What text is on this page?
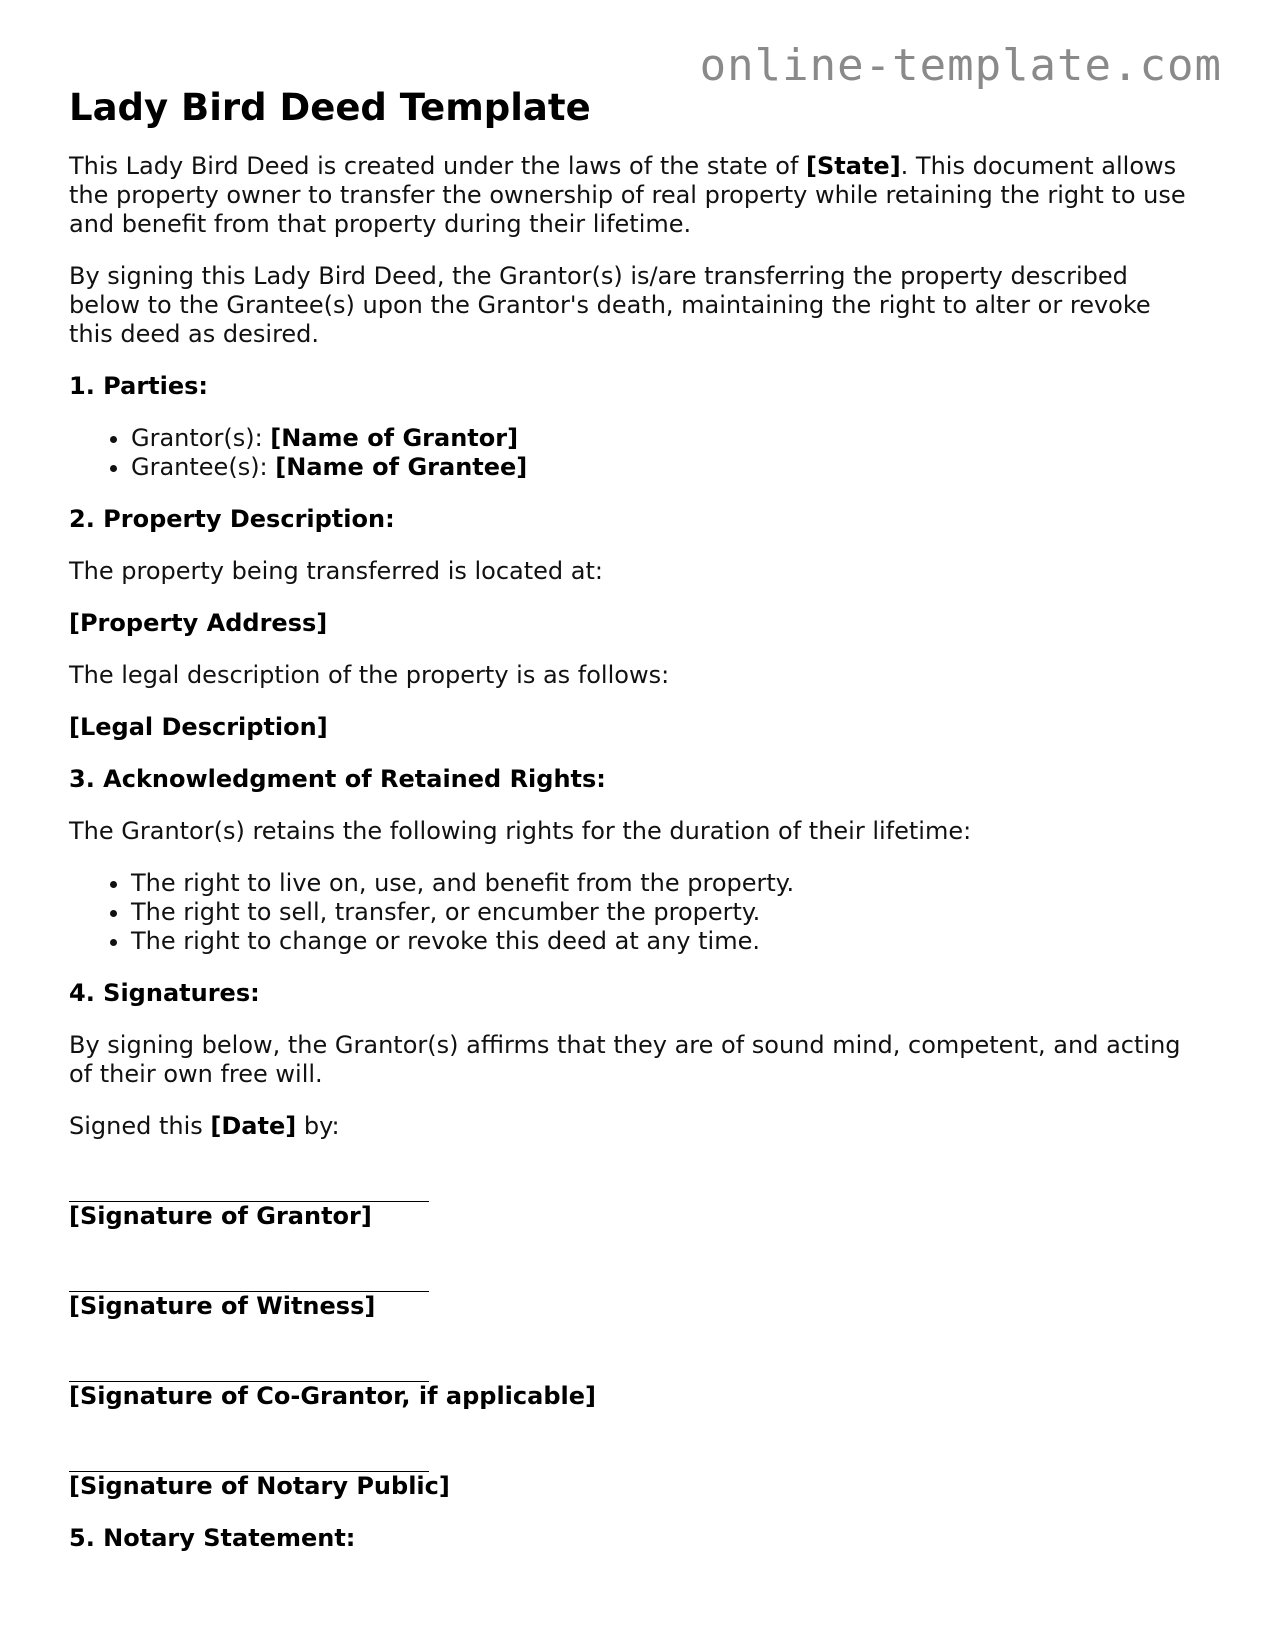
online-template.com
Lady Bird Deed Template

This Lady Bird Deed is created under the laws of the state of [State]. This document allows the property owner to transfer the ownership of real property while retaining the right to use and benefit from that property during their lifetime.

By signing this Lady Bird Deed, the Grantor(s) is/are transferring the property described below to the Grantee(s) upon the Grantor's death, maintaining the right to alter or revoke this deed as desired.

1. Parties:
• Grantor(s): [Name of Grantor]
• Grantee(s): [Name of Grantee]
2. Property Description:

The property being transferred is located at:

[Property Address]

The legal description of the property is as follows:

[Legal Description]

3. Acknowledgment of Retained Rights:

The Grantor(s) retains the following rights for the duration of their lifetime:

• The right to live on, use, and benefit from the property.
• The right to sell, transfer, or encumber the property.
• The right to change or revoke this deed at any time.
4. Signatures:

By signing below, the Grantor(s) affirms that they are of sound mind, competent, and acting of their own free will.

Signed this [Date] by:

[Signature of Grantor]
[Signature of Witness]
[Signature of Co-Grantor, if applicable]
[Signature of Notary Public]
5. Notary Statement:
